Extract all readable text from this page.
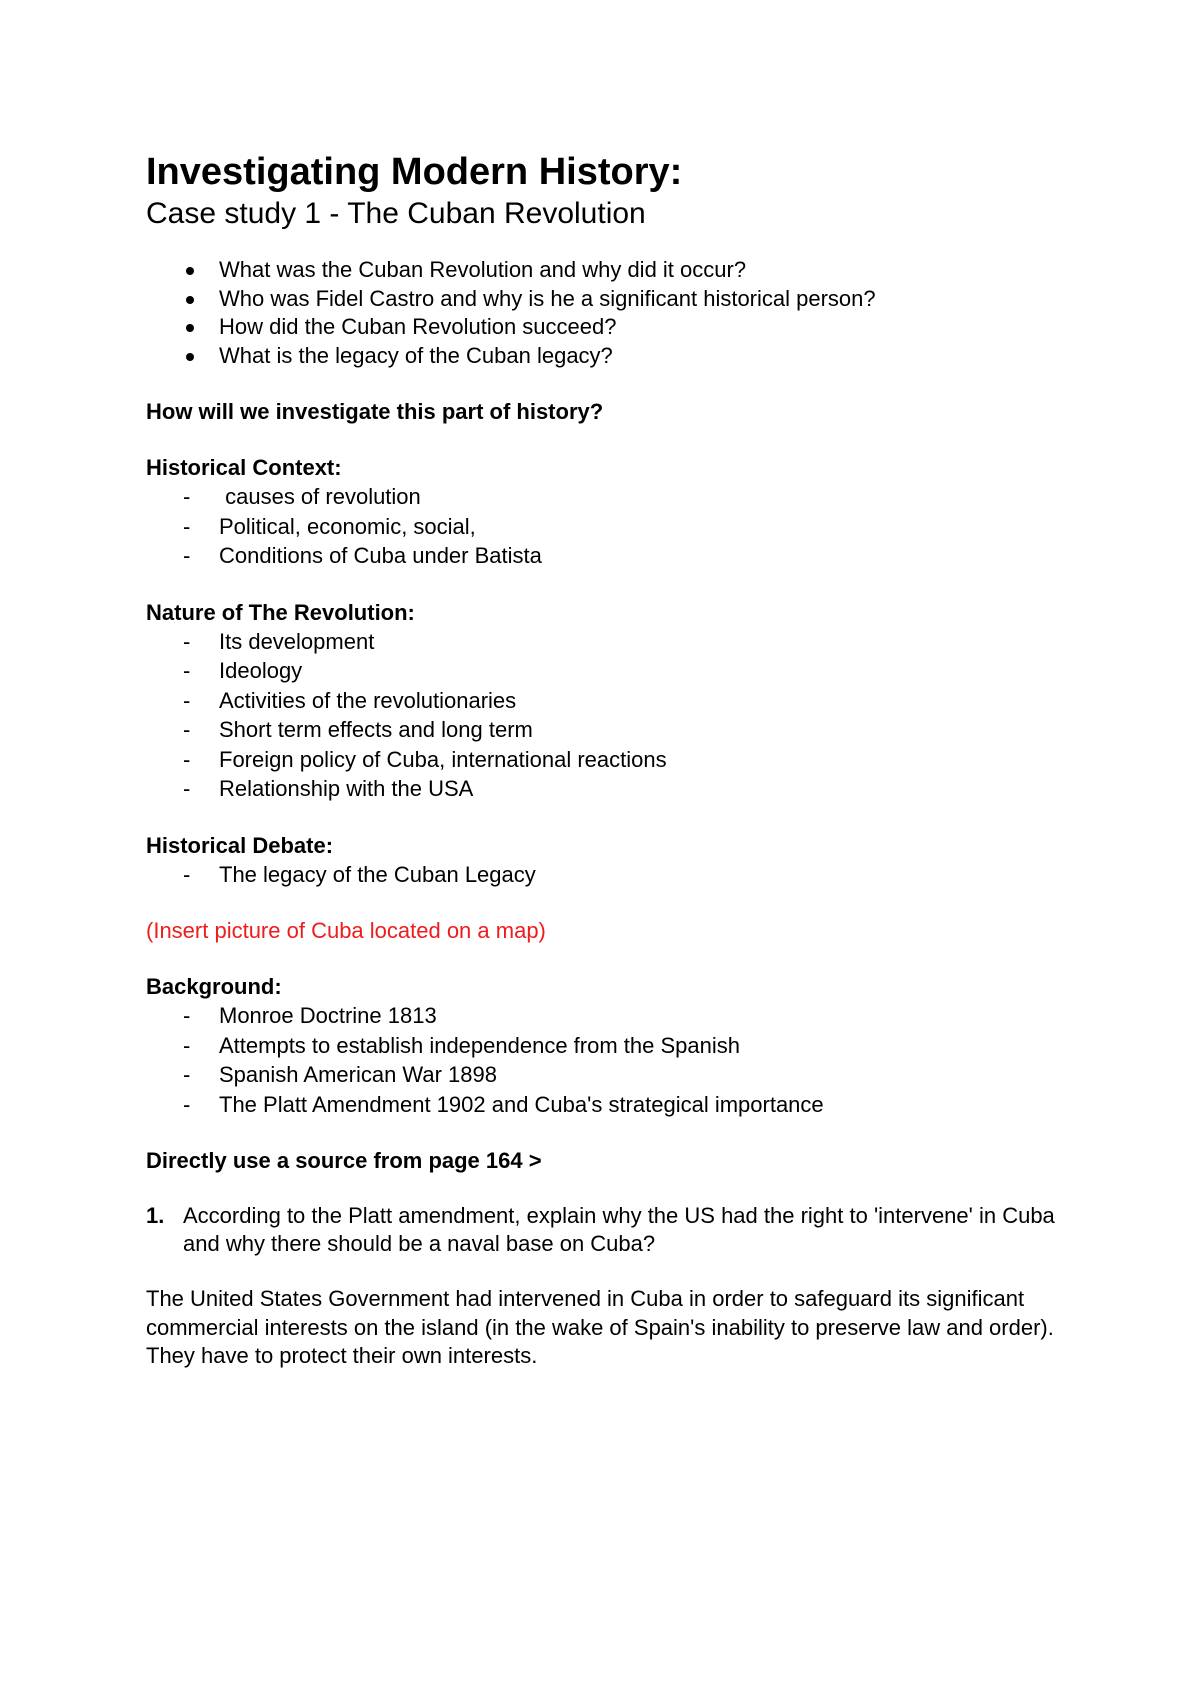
Investigating Modern History:
Case study 1 - The Cuban Revolution
What was the Cuban Revolution and why did it occur?
Who was Fidel Castro and why is he a significant historical person?
How did the Cuban Revolution succeed?
What is the legacy of the Cuban legacy?

How will we investigate this part of history?

Historical Context:

- causes of revolution
- Political, economic, social,
- Conditions of Cuba under Batista

Nature of The Revolution:

- Its development
- Ideology
- Activities of the revolutionaries
- Short term effects and long term
- Foreign policy of Cuba, international reactions
- Relationship with the USA

Historical Debate:

- The legacy of the Cuban Legacy

(Insert picture of Cuba located on a map)

Background:

- Monroe Doctrine 1813
- Attempts to establish independence from the Spanish
- Spanish American War 1898
- The Platt Amendment 1902 and Cuba's strategical importance

Directly use a source from page 164 >

1. According to the Platt amendment, explain why the US had the right to 'intervene' in Cuba and why there should be a naval base on Cuba?

The United States Government had intervened in Cuba in order to safeguard its significant commercial interests on the island (in the wake of Spain's inability to preserve law and order). They have to protect their own interests.
